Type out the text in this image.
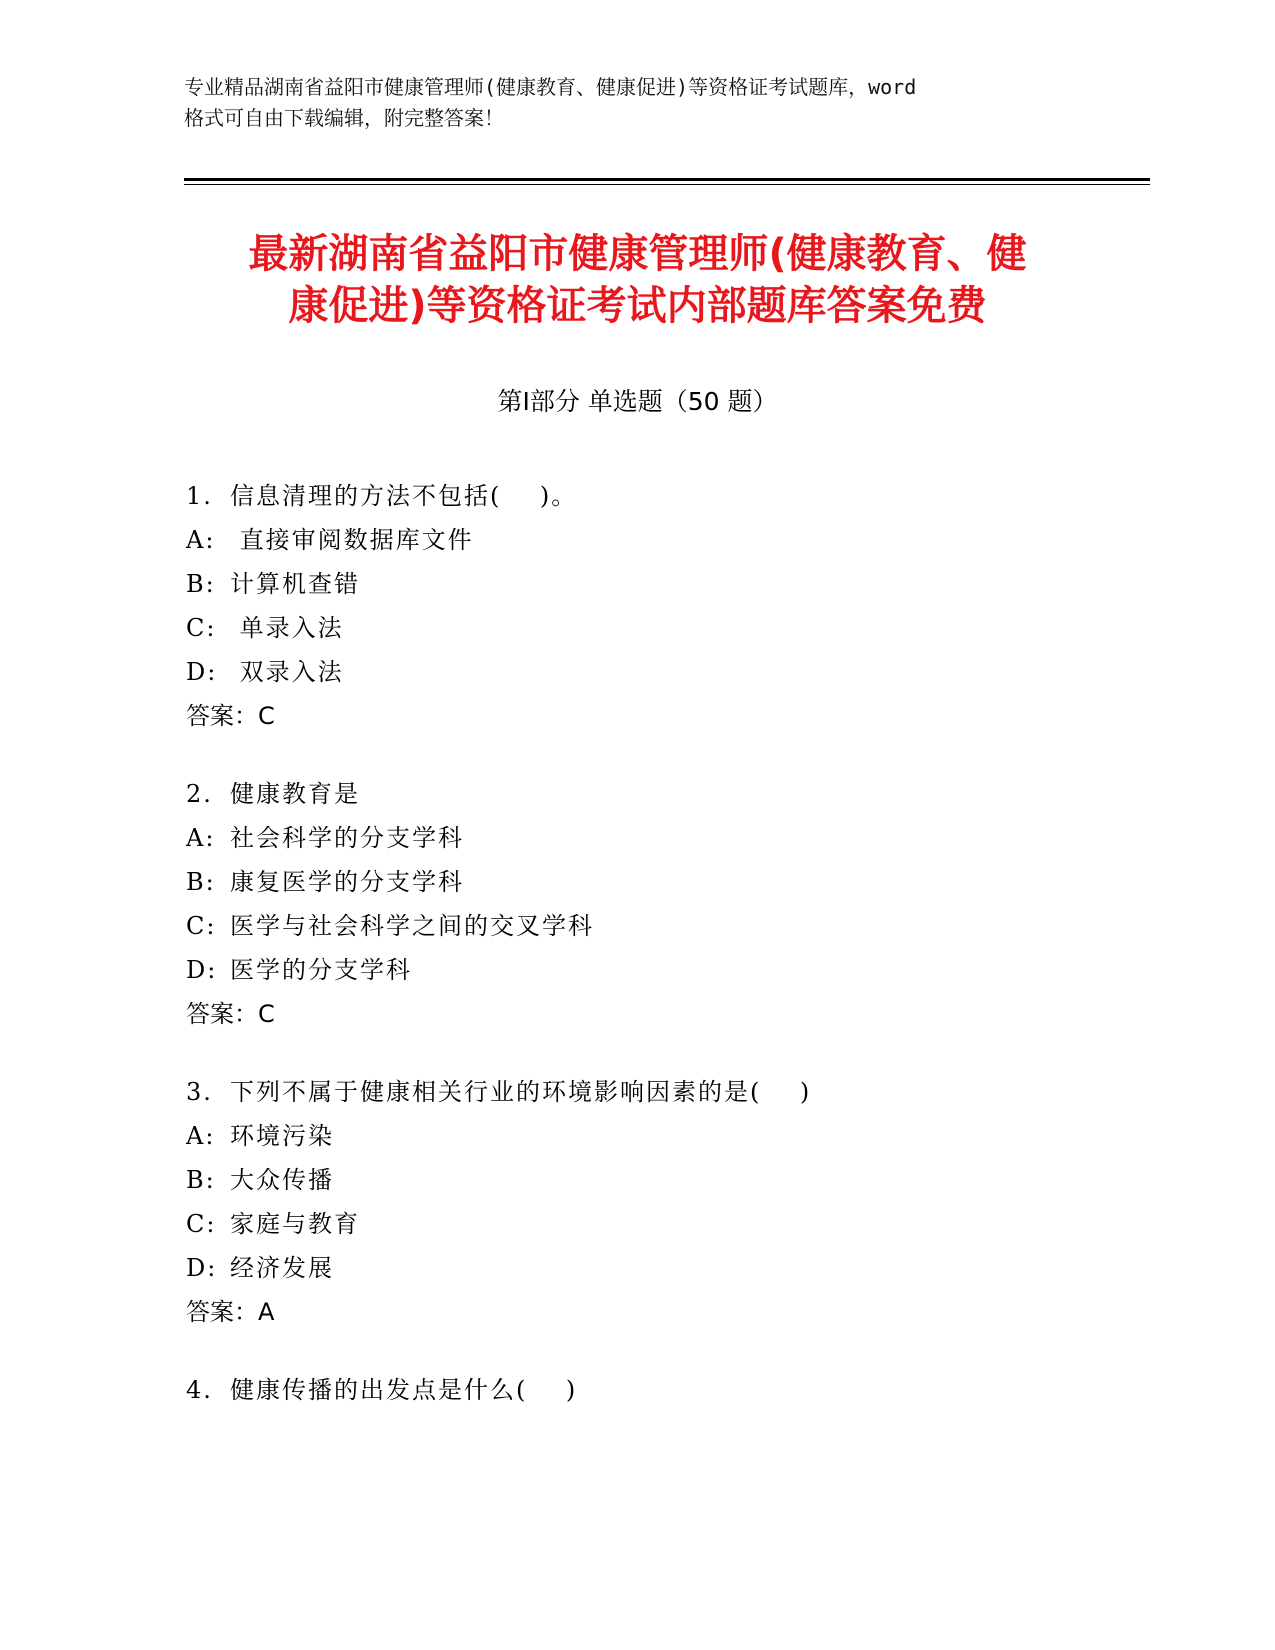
专业精品湖南省益阳市健康管理师(健康教育、健康促进)等资格证考试题库，word
格式可自由下载编辑，附完整答案！
最新湖南省益阳市健康管理师(健康教育、健
康促进)等资格证考试内部题库答案免费
第Ⅰ部分 单选题（50 题）
1. 信息清理的方法不包括(    )。
A: 直接审阅数据库文件
B: 计算机查错
C: 单录入法
D: 双录入法
答案： C
2. 健康教育是
A: 社会科学的分支学科
B: 康复医学的分支学科
C: 医学与社会科学之间的交叉学科
D: 医学的分支学科
答案： C
3. 下列不属于健康相关行业的环境影响因素的是(    )
A: 环境污染
B: 大众传播
C: 家庭与教育
D: 经济发展
答案： A
4. 健康传播的出发点是什么(    )
